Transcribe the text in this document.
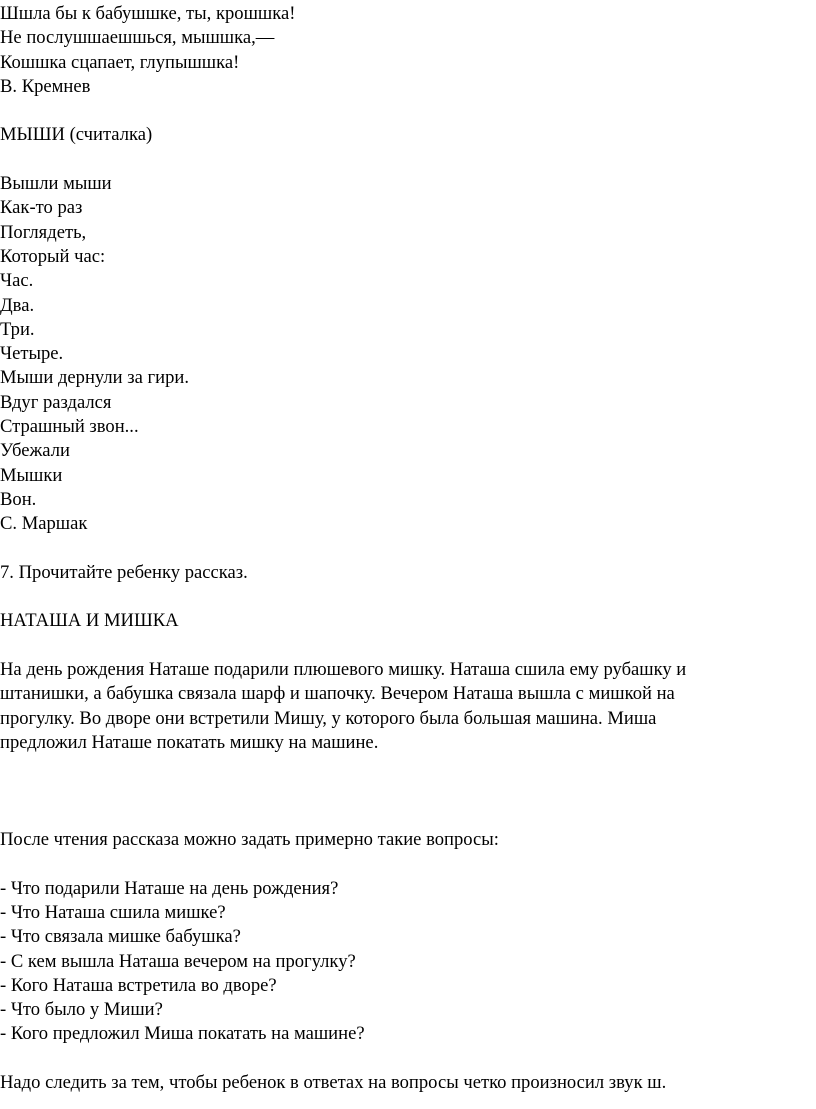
Шшла бы к бабушшке, ты, крошшка!
Не послушшаешшься, мышшка,—
Кошшка сцапает, глупышшка!
В. Кремнев
МЫШИ (считалка)
Вышли мыши
Как-то раз
Поглядеть,
Который час:
Час.
Два.
Три.
Четыре.
Мыши дернули за гири.
Вдуг раздался
Страшный звон...
Убежали
Мышки
Вон.
С. Маршак
7. Прочитайте ребенку рассказ.
НАТАША И МИШКА
На день рождения Наташе подарили плюшевого мишку. Наташа сшила ему рубашку и
штанишки, а бабушка связала шарф и шапочку. Вечером Наташа вышла с мишкой на
прогулку. Во дворе они встретили Мишу, у которого была большая машина. Миша
предложил Наташе покатать мишку на машине.
После чтения рассказа можно задать примерно такие вопросы:
- Что подарили Наташе на день рождения?
- Что Наташа сшила мишке?
- Что связала мишке бабушка?
- С кем вышла Наташа вечером на прогулку?
- Кого Наташа встретила во дворе?
- Что было у Миши?
- Кого предложил Миша покатать на машине?
Надо следить за тем, чтобы ребенок в ответах на вопросы четко произносил звук ш.
